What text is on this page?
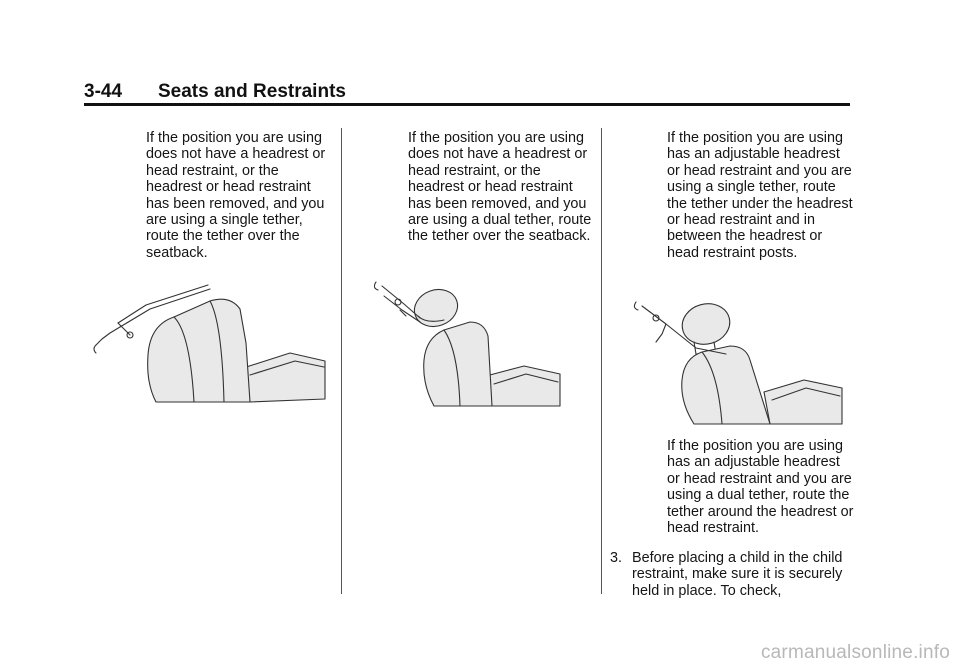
3-44 Seats and Restraints

If the position you are using does not have a headrest or head restraint, or the headrest or head restraint has been removed, and you are using a single tether, route the tether over the seatback.

If the position you are using does not have a headrest or head restraint, or the headrest or head restraint has been removed, and you are using a dual tether, route the tether over the seatback.

If the position you are using has an adjustable headrest or head restraint and you are using a single tether, route the tether under the headrest or head restraint and in between the headrest or head restraint posts.

If the position you are using has an adjustable headrest or head restraint and you are using a dual tether, route the tether around the headrest or head restraint.

3. Before placing a child in the child restraint, make sure it is securely held in place. To check,
carmanualsonline.info
